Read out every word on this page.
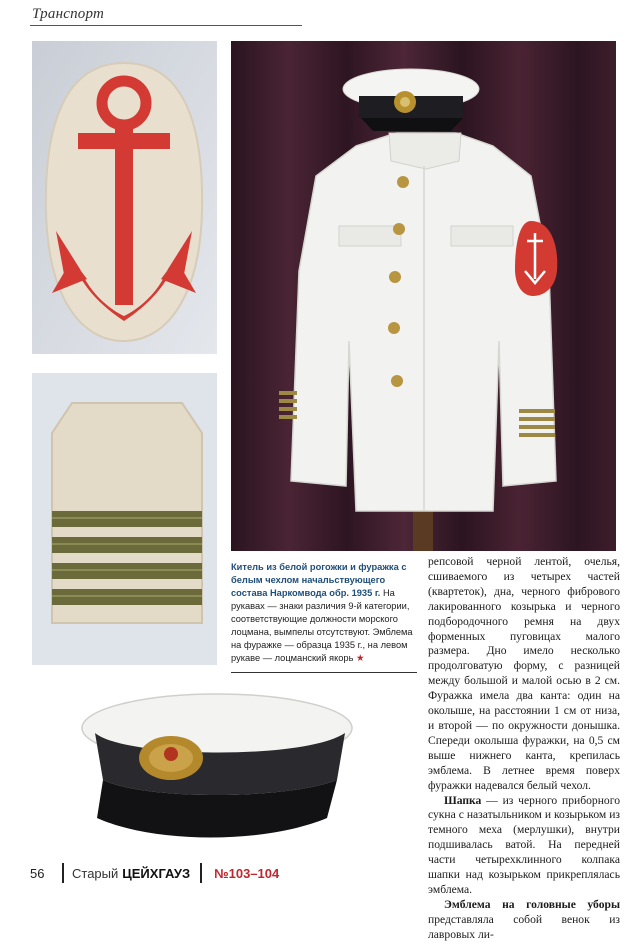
Транспорт
Китель из белой рогожки и фуражка с белым чехлом начальствующего состава Наркомвода обр. 1935 г. На рукавах — знаки различия 9-й категории, соответствующие должности морского лоцмана, вымпелы отсутствуют. Эмблема на фуражке — образца 1935 г., на левом рукаве — лоцманский якорь ★

репсовой черной лентой, очелья, сшиваемого из четырех частей (квартеток), дна, черного фибрового лакированного козырька и черного подбородочного ремня на двух форменных пуговицах малого размера. Дно имело несколько продолговатую форму, с разницей между большой и малой осью в 2 см. Фуражка имела два канта: один на околыше, на расстоянии 1 см от низа, и второй — по окружности донышка. Спереди околыша фуражки, на 0,5 см выше нижнего канта, крепилась эмблема. В летнее время поверх фуражки надевался белый чехол.

Шапка — из черного приборного сукна с назатыльником и козырьком из темного меха (мерлушки), внутри подшивалась ватой. На передней части четырехклинного колпака шапки над козырьком прикреплялась эмблема.

Эмблема на головные уборы представляла собой венок из лавровых ли-

56	Старый ЦЕЙХГАУЗ №103–104
